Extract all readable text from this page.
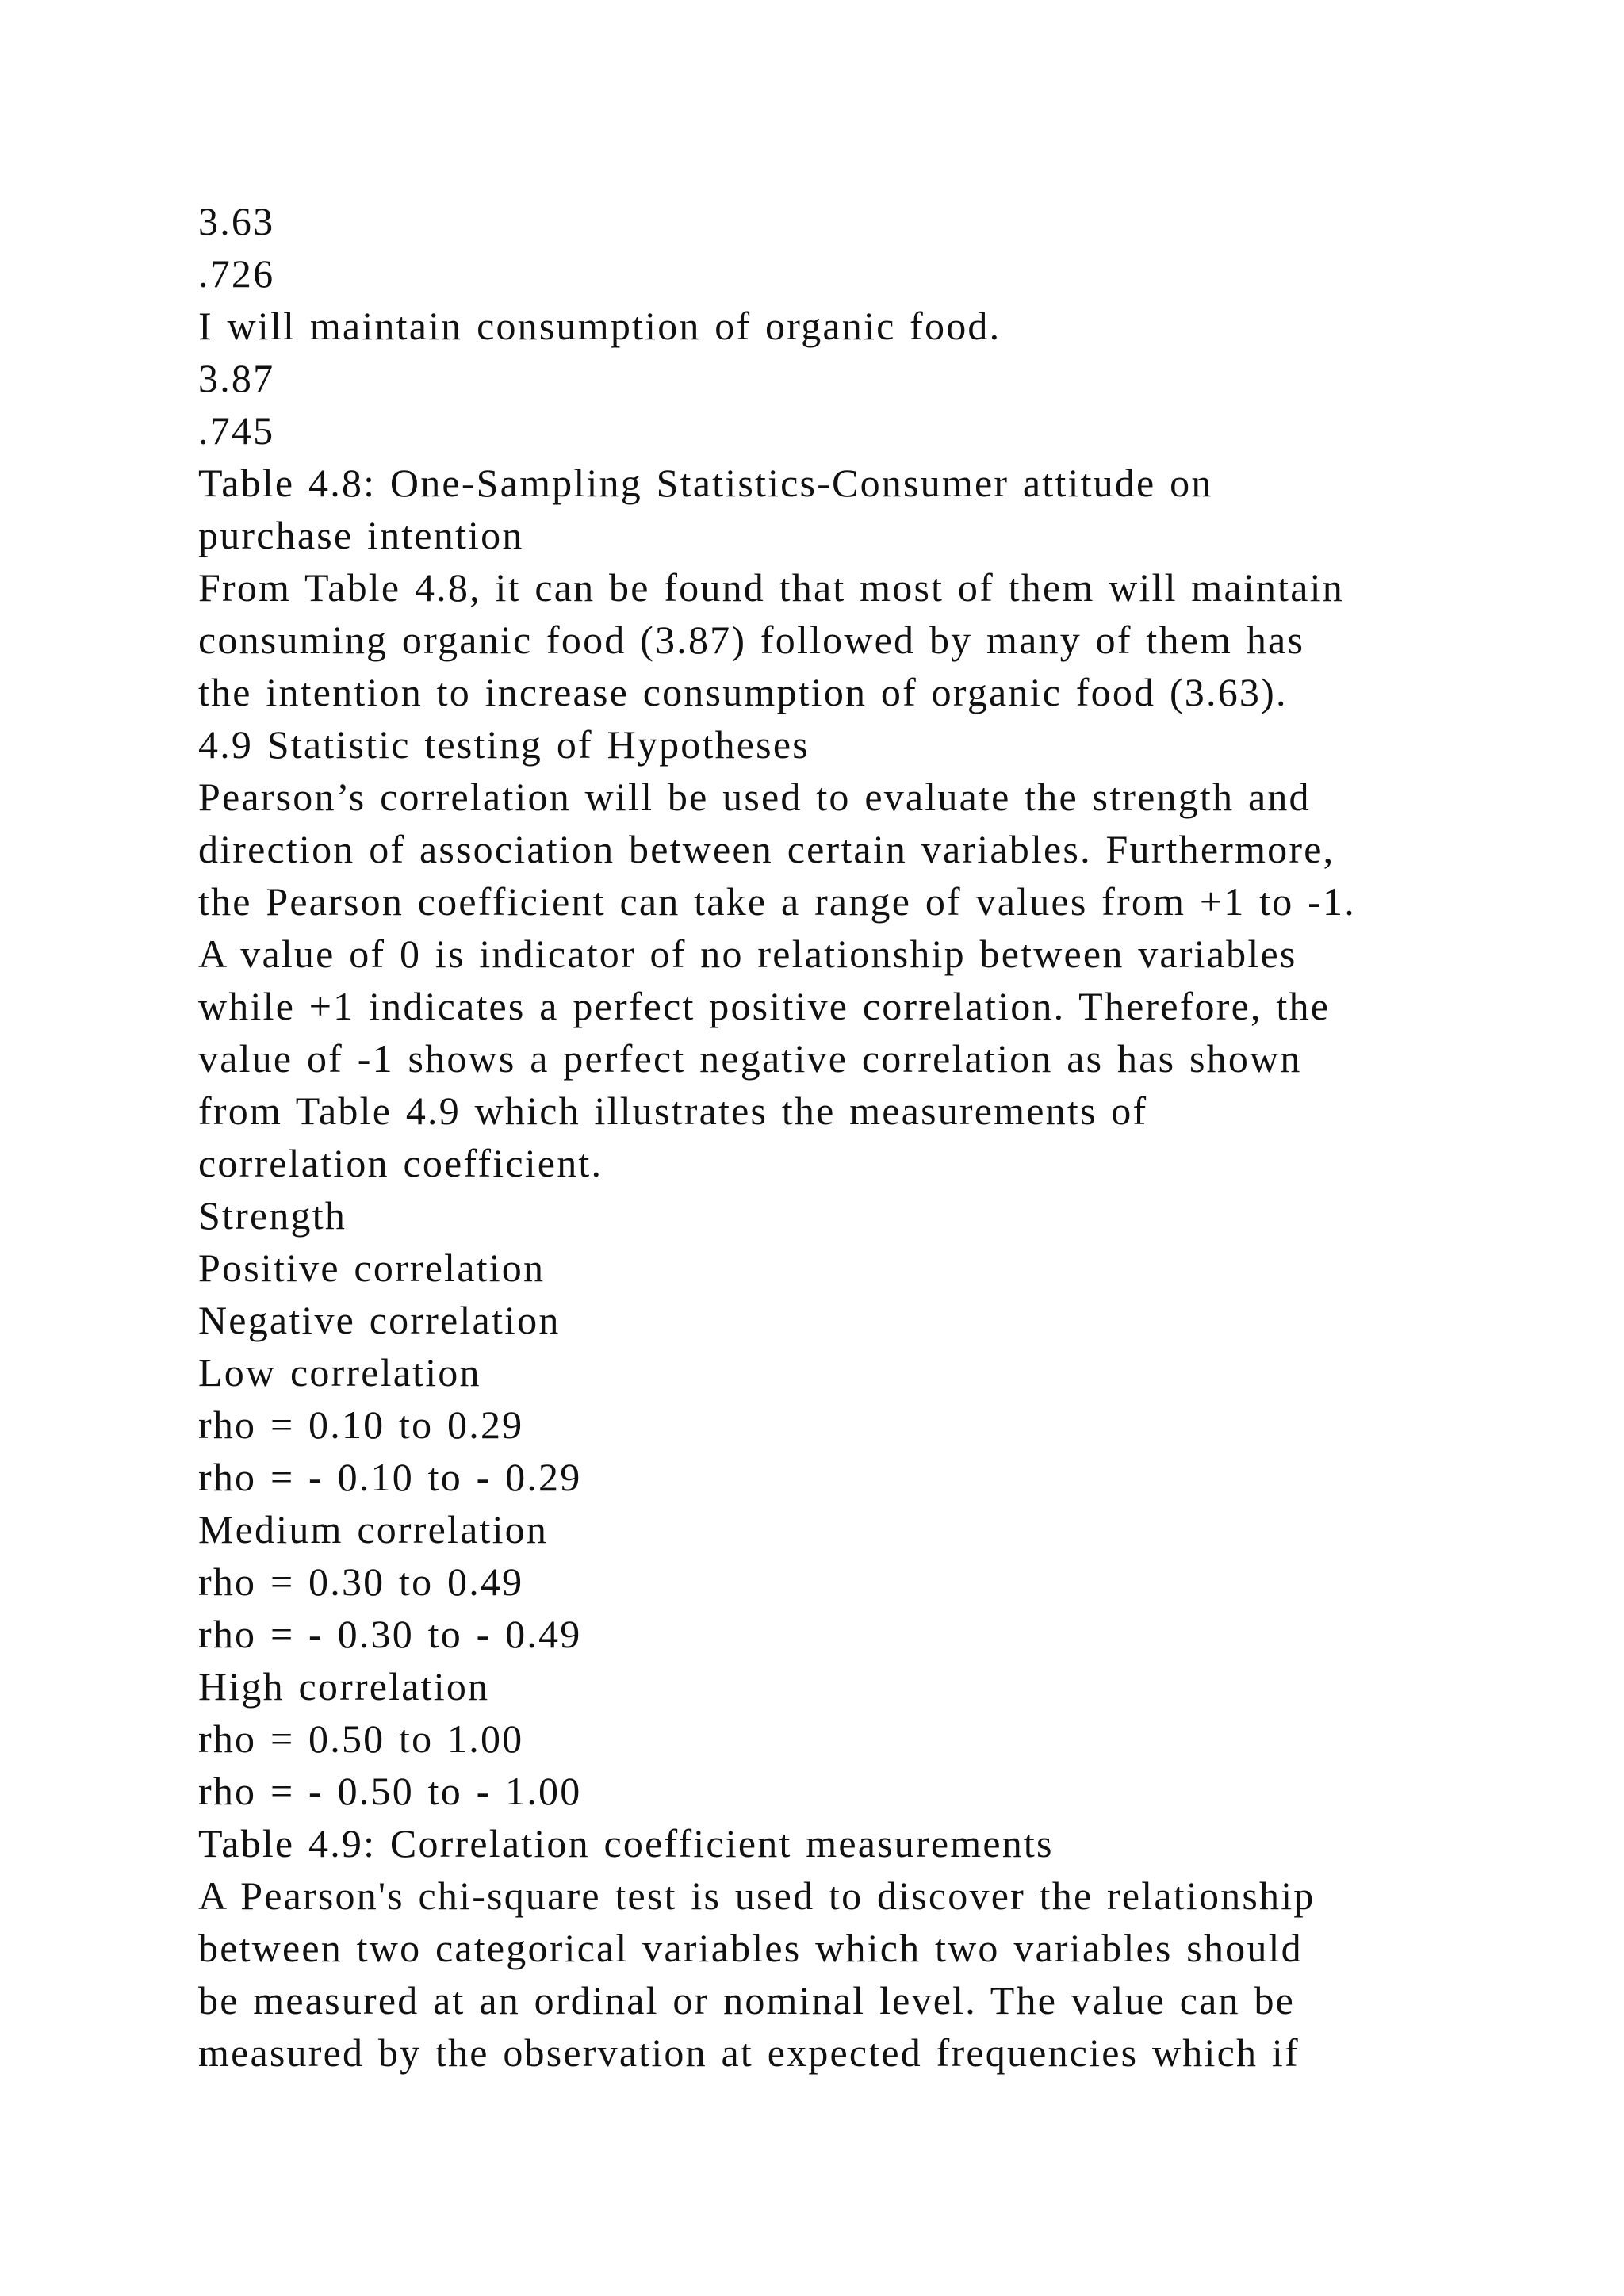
3.63
.726
I will maintain consumption of organic food.
3.87
.745
Table 4.8: One-Sampling Statistics-Consumer attitude on
purchase intention
From Table 4.8, it can be found that most of them will maintain
consuming organic food (3.87) followed by many of them has
the intention to increase consumption of organic food (3.63).
4.9 Statistic testing of Hypotheses
Pearson’s correlation will be used to evaluate the strength and
direction of association between certain variables. Furthermore,
the Pearson coefficient can take a range of values from +1 to -1.
A value of 0 is indicator of no relationship between variables
while +1 indicates a perfect positive correlation. Therefore, the
value of -1 shows a perfect negative correlation as has shown
from Table 4.9 which illustrates the measurements of
correlation coefficient.
Strength
Positive correlation
Negative correlation
Low correlation
rho = 0.10 to 0.29
rho = - 0.10 to - 0.29
Medium correlation
rho = 0.30 to 0.49
rho = - 0.30 to - 0.49
High correlation
rho = 0.50 to 1.00
rho = - 0.50 to - 1.00
Table 4.9: Correlation coefficient measurements
A Pearson's chi-square test is used to discover the relationship
between two categorical variables which two variables should
be measured at an ordinal or nominal level. The value can be
measured by the observation at expected frequencies which if
